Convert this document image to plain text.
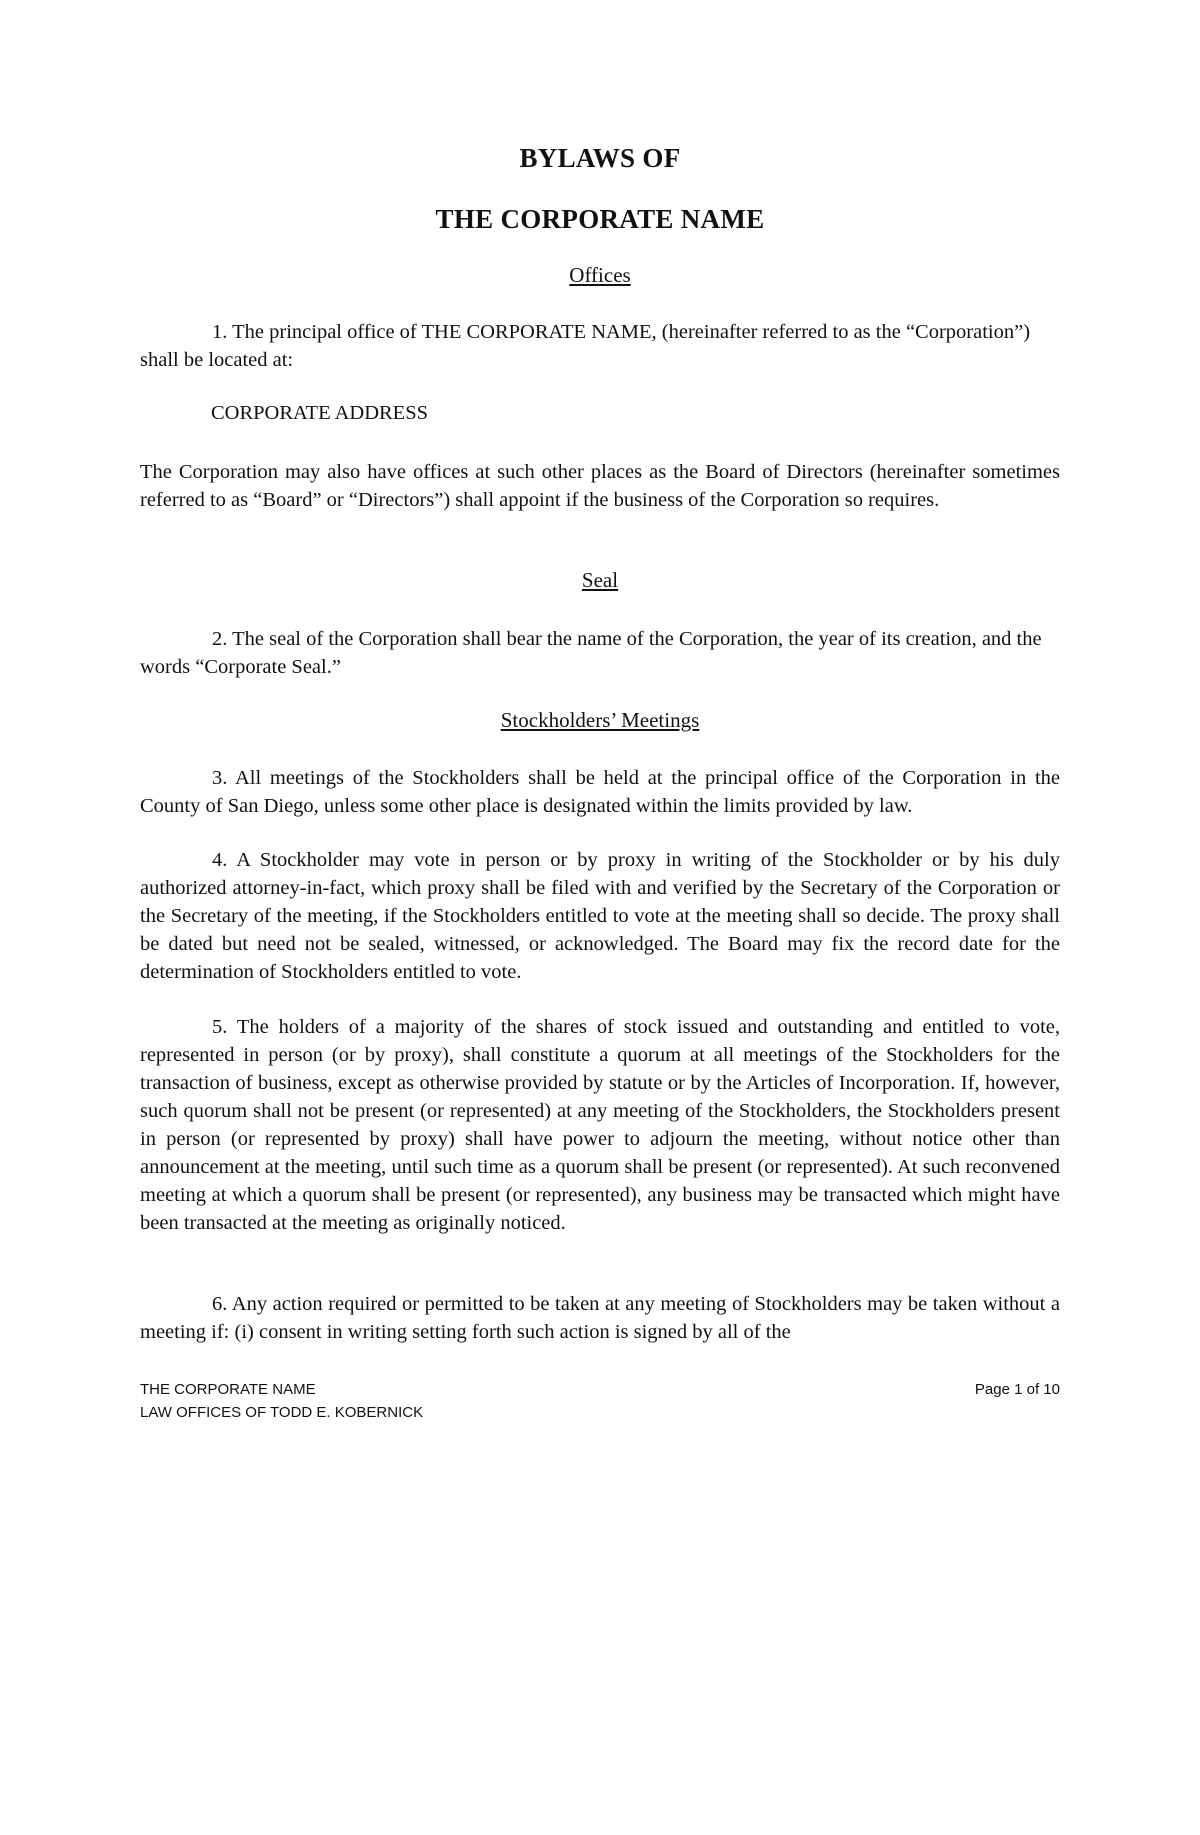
BYLAWS OF
THE CORPORATE NAME
Offices

1. The principal office of THE CORPORATE NAME, (hereinafter referred to as the “Corporation”) shall be located at:

CORPORATE ADDRESS

The Corporation may also have offices at such other places as the Board of Directors (hereinafter sometimes referred to as “Board” or “Directors”) shall appoint if the business of the Corporation so requires.

Seal

2. The seal of the Corporation shall bear the name of the Corporation, the year of its creation, and the words “Corporate Seal.”

Stockholders’ Meetings

3. All meetings of the Stockholders shall be held at the principal office of the Corporation in the County of San Diego, unless some other place is designated within the limits provided by law.

4. A Stockholder may vote in person or by proxy in writing of the Stockholder or by his duly authorized attorney-in-fact, which proxy shall be filed with and verified by the Secretary of the Corporation or the Secretary of the meeting, if the Stockholders entitled to vote at the meeting shall so decide. The proxy shall be dated but need not be sealed, witnessed, or acknowledged. The Board may fix the record date for the determination of Stockholders entitled to vote.

5. The holders of a majority of the shares of stock issued and outstanding and entitled to vote, represented in person (or by proxy), shall constitute a quorum at all meetings of the Stockholders for the transaction of business, except as otherwise provided by statute or by the Articles of Incorporation. If, however, such quorum shall not be present (or represented) at any meeting of the Stockholders, the Stockholders present in person (or represented by proxy) shall have power to adjourn the meeting, without notice other than announcement at the meeting, until such time as a quorum shall be present (or represented). At such reconvened meeting at which a quorum shall be present (or represented), any business may be transacted which might have been transacted at the meeting as originally noticed.

6. Any action required or permitted to be taken at any meeting of Stockholders may be taken without a meeting if: (i) consent in writing setting forth such action is signed by all of the

THE CORPORATE NAME
LAW OFFICES OF TODD E. KOBERNICK
Page 1 of 10
